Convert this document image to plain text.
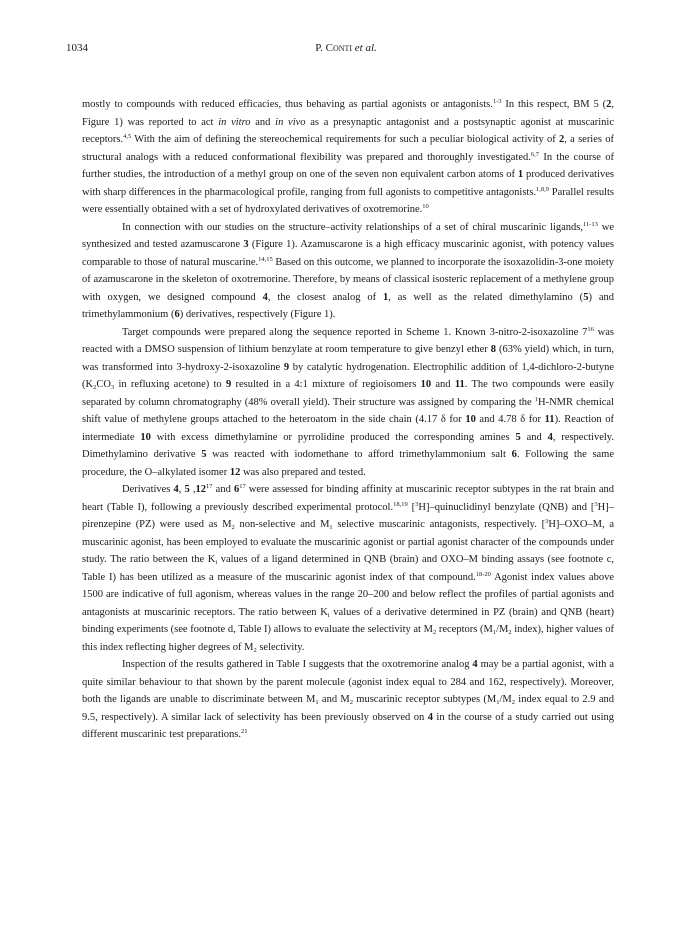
1034	P. Conti et al.

mostly to compounds with reduced efficacies, thus behaving as partial agonists or antagonists.$^{1-3}$ In this respect, BM 5 (2, Figure 1) was reported to act in vitro and in vivo as a presynaptic antagonist and a postsynaptic agonist at muscarinic receptors.$^{4,5}$ With the aim of defining the stereochemical requirements for such a peculiar biological activity of 2, a series of structural analogs with a reduced conformational flexibility was prepared and thoroughly investigated.$^{6,7}$ In the course of further studies, the introduction of a methyl group on one of the seven non equivalent carbon atoms of 1 produced derivatives with sharp differences in the pharmacological profile, ranging from full agonists to competitive antagonists.$^{1,8,9}$ Parallel results were essentially obtained with a set of hydroxylated derivatives of oxotremorine.$^{10}$

In connection with our studies on the structure–activity relationships of a set of chiral muscarinic ligands,$^{11-13}$ we synthesized and tested azamuscarone 3 (Figure 1). Azamuscarone is a high efficacy muscarinic agonist, with potency values comparable to those of natural muscarine.$^{14,15}$ Based on this outcome, we planned to incorporate the isoxazolidin-3-one moiety of azamuscarone in the skeleton of oxotremorine. Therefore, by means of classical isosteric replacement of a methylene group with oxygen, we designed compound 4, the closest analog of 1, as well as the related dimethylamino (5) and trimethylammonium (6) derivatives, respectively (Figure 1).

Target compounds were prepared along the sequence reported in Scheme 1. Known 3-nitro-2-isoxazoline $7^{16}$ was reacted with a DMSO suspension of lithium benzylate at room temperature to give benzyl ether 8 (63% yield) which, in turn, was transformed into 3-hydroxy-2-isoxazoline 9 by catalytic hydrogenation. Electrophilic addition of 1,4-dichloro-2-butyne ($K_2CO_3$ in refluxing acetone) to 9 resulted in a 4:1 mixture of regioisomers 10 and 11. The two compounds were easily separated by column chromatography (48% overall yield). Their structure was assigned by comparing the $^1$H-NMR chemical shift value of methylene groups attached to the heteroatom in the side chain (4.17 δ for 10 and 4.78 δ for 11). Reaction of intermediate 10 with excess dimethylamine or pyrrolidine produced the corresponding amines 5 and 4, respectively. Dimethylamino derivative 5 was reacted with iodomethane to afford trimethylammonium salt 6. Following the same procedure, the O–alkylated isomer 12 was also prepared and tested.

Derivatives 4, 5 $,12^{17}$ and $6^{17}$ were assessed for binding affinity at muscarinic receptor subtypes in the rat brain and heart (Table I), following a previously described experimental protocol.$^{18,19}$ [$^3$H]–quinuclidinyl benzylate (QNB) and [$^3$H]–pirenzepine (PZ) were used as $M_2$ non-selective and $M_1$ selective muscarinic antagonists, respectively. [$^3$H]–OXO–M, a muscarinic agonist, has been employed to evaluate the muscarinic agonist or partial agonist character of the compounds under study. The ratio between the $K_i$ values of a ligand determined in QNB (brain) and OXO–M binding assays (see footnote c, Table I) has been utilized as a measure of the muscarinic agonist index of that compound.$^{18-20}$ Agonist index values above 1500 are indicative of full agonism, whereas values in the range 20–200 and below reflect the profiles of partial agonists and antagonists at muscarinic receptors. The ratio between $K_i$ values of a derivative determined in PZ (brain) and QNB (heart) binding experiments (see footnote d, Table I) allows to evaluate the selectivity at $M_2$ receptors ($M_1/M_2$ index), higher values of this index reflecting higher degrees of $M_2$ selectivity.

Inspection of the results gathered in Table I suggests that the oxotremorine analog 4 may be a partial agonist, with a quite similar behaviour to that shown by the parent molecule (agonist index equal to 284 and 162, respectively). Moreover, both the ligands are unable to discriminate between $M_1$ and $M_2$ muscarinic receptor subtypes ($M_1/M_2$ index equal to 2.9 and 9.5, respectively). A similar lack of selectivity has been previously observed on 4 in the course of a study carried out using different muscarinic test preparations.$^{21}$
